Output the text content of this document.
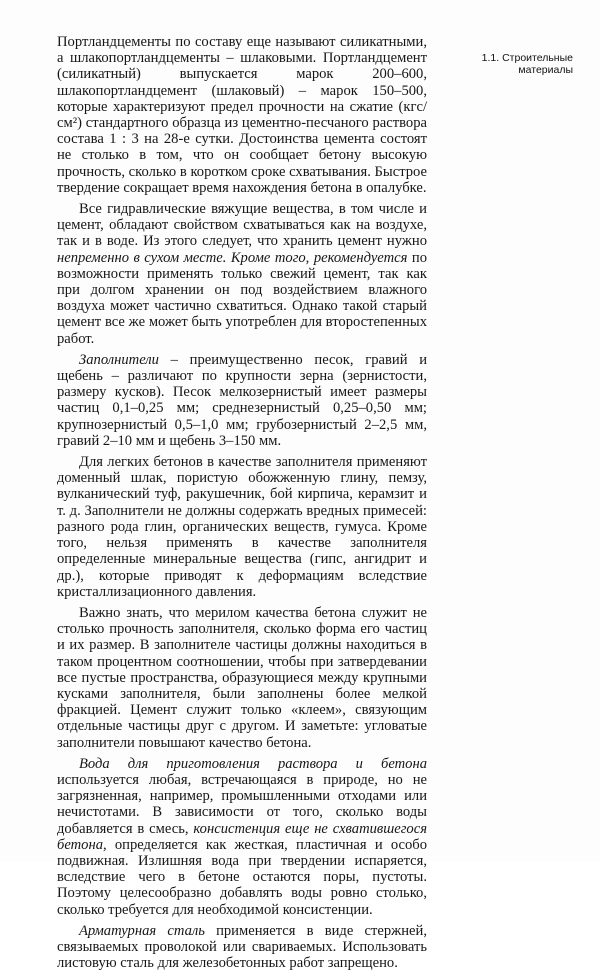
1.1. Строительные
материалы

Портландцементы по составу еще называют силикатными, а шлакопортландцементы – шлаковыми. Портландцемент (силикатный) выпускается марок 200–600, шлакопортландцемент (шлаковый) – марок 150–500, которые характеризуют предел прочности на сжатие (кгс/см²) стандартного образца из цементно-песчаного раствора состава 1 : 3 на 28-е сутки. Достоинства цемента состоят не столько в том, что он сообщает бетону высокую прочность, сколько в коротком сроке схватывания. Быстрое твердение сокращает время нахождения бетона в опалубке.

Все гидравлические вяжущие вещества, в том числе и цемент, обладают свойством схватываться как на воздухе, так и в воде. Из этого следует, что хранить цемент нужно непременно в сухом месте. Кроме того, рекомендуется по возможности применять только свежий цемент, так как при долгом хранении он под воздействием влажного воздуха может частично схватиться. Однако такой старый цемент все же может быть употреблен для второстепенных работ.

Заполнители – преимущественно песок, гравий и щебень – различают по крупности зерна (зернистости, размеру кусков). Песок мелкозернистый имеет размеры частиц 0,1–0,25 мм; среднезернистый 0,25–0,50 мм; крупнозернистый 0,5–1,0 мм; грубозернистый 2–2,5 мм, гравий 2–10 мм и щебень 3–150 мм.

Для легких бетонов в качестве заполнителя применяют доменный шлак, пористую обожженную глину, пемзу, вулканический туф, ракушечник, бой кирпича, керамзит и т. д. Заполнители не должны содержать вредных примесей: разного рода глин, органических веществ, гумуса. Кроме того, нельзя применять в качестве заполнителя определенные минеральные вещества (гипс, ангидрит и др.), которые приводят к деформациям вследствие кристаллизационного давления.

Важно знать, что мерилом качества бетона служит не столько прочность заполнителя, сколько форма его частиц и их размер. В заполнителе частицы должны находиться в таком процентном соотношении, чтобы при затвердевании все пустые пространства, образующиеся между крупными кусками заполнителя, были заполнены более мелкой фракцией. Цемент служит только «клеем», связующим отдельные частицы друг с другом. И заметьте: угловатые заполнители повышают качество бетона.

Вода для приготовления раствора и бетона используется любая, встречающаяся в природе, но не загрязненная, например, промышленными отходами или нечистотами. В зависимости от того, сколько воды добавляется в смесь, консистенция еще не схватившегося бетона, определяется как жесткая, пластичная и особо подвижная. Излишняя вода при твердении испаряется, вследствие чего в бетоне остаются поры, пустоты. Поэтому целесообразно добавлять воды ровно столько, сколько требуется для необходимой консистенции.

Арматурная сталь применяется в виде стержней, связываемых проволокой или свариваемых. Использовать листовую сталь для железобетонных работ запрещено.
